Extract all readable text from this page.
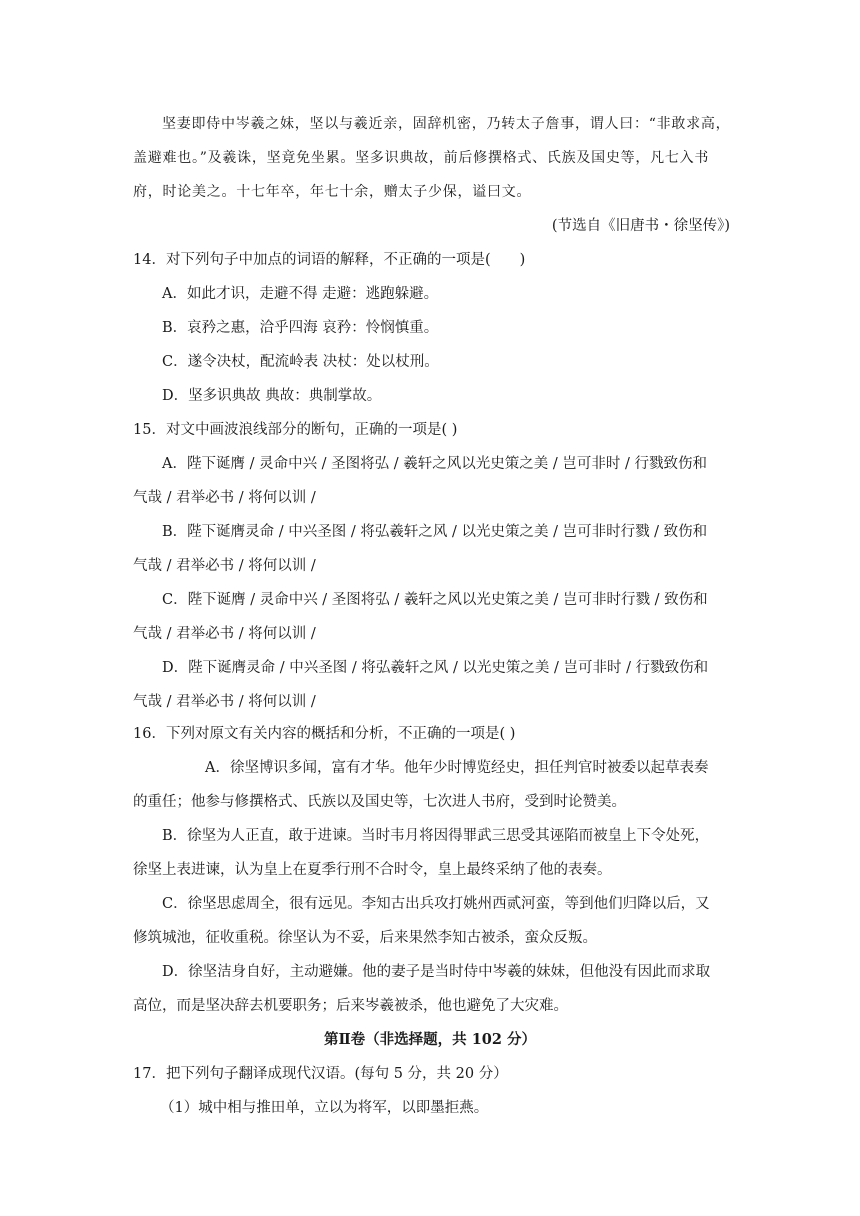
坚妻即侍中岑羲之妹，坚以与羲近亲，固辞机密，乃转太子詹事，谓人曰：“非敢求高，
盖避难也。”及羲诛，坚竟免坐累。坚多识典故，前后修撰格式、氏族及国史等，凡七入书
府，时论美之。十七年卒，年七十余，赠太子少保，谥曰文。
(节选自《旧唐书・徐坚传》)
14．对下列句子中加点的词语的解释，不正确的一项是(　　)
A．如此才识，走避不得 走避：逃跑躲避。
B．哀矜之惠，洽乎四海 哀矜：怜悯慎重。
C．遂令决杖，配流岭表 决杖：处以杖刑。
D．坚多识典故 典故：典制掌故。
15．对文中画波浪线部分的断句，正确的一项是( )
A．陛下诞膺 / 灵命中兴 / 圣图将弘 / 羲轩之风以光史策之美 / 岂可非时 / 行戮致伤和
气哉 / 君举必书 / 将何以训 /
B．陛下诞膺灵命 / 中兴圣图 / 将弘羲轩之风 / 以光史策之美 / 岂可非时行戮 / 致伤和
气哉 / 君举必书 / 将何以训 /
C．陛下诞膺 / 灵命中兴 / 圣图将弘 / 羲轩之风以光史策之美 / 岂可非时行戮 / 致伤和
气哉 / 君举必书 / 将何以训 /
D．陛下诞膺灵命 / 中兴圣图 / 将弘羲轩之风 / 以光史策之美 / 岂可非时 / 行戮致伤和
气哉 / 君举必书 / 将何以训 /
16．下列对原文有关内容的概括和分析，不正确的一项是( )
A．徐坚博识多闻，富有才华。他年少时博览经史，担任判官时被委以起草表奏
的重任；他参与修撰格式、氏族以及国史等，七次进人书府，受到时论赞美。
B．徐坚为人正直，敢于进谏。当时韦月将因得罪武三思受其诬陷而被皇上下令处死，
徐坚上表进谏，认为皇上在夏季行刑不合时令，皇上最终采纳了他的表奏。
C．徐坚思虑周全，很有远见。李知古出兵攻打姚州西贰河蛮，等到他们归降以后，又
修筑城池，征收重税。徐坚认为不妥，后来果然李知古被杀，蛮众反叛。
D．徐坚洁身自好，主动避嫌。他的妻子是当时侍中岑羲的妹妹，但他没有因此而求取
高位，而是坚决辞去机要职务；后来岑羲被杀，他也避免了大灾难。
第Ⅱ卷（非选择题，共 102 分）
17．把下列句子翻译成现代汉语。(每句 5 分，共 20 分）
（1）城中相与推田单，立以为将军，以即墨拒燕。
